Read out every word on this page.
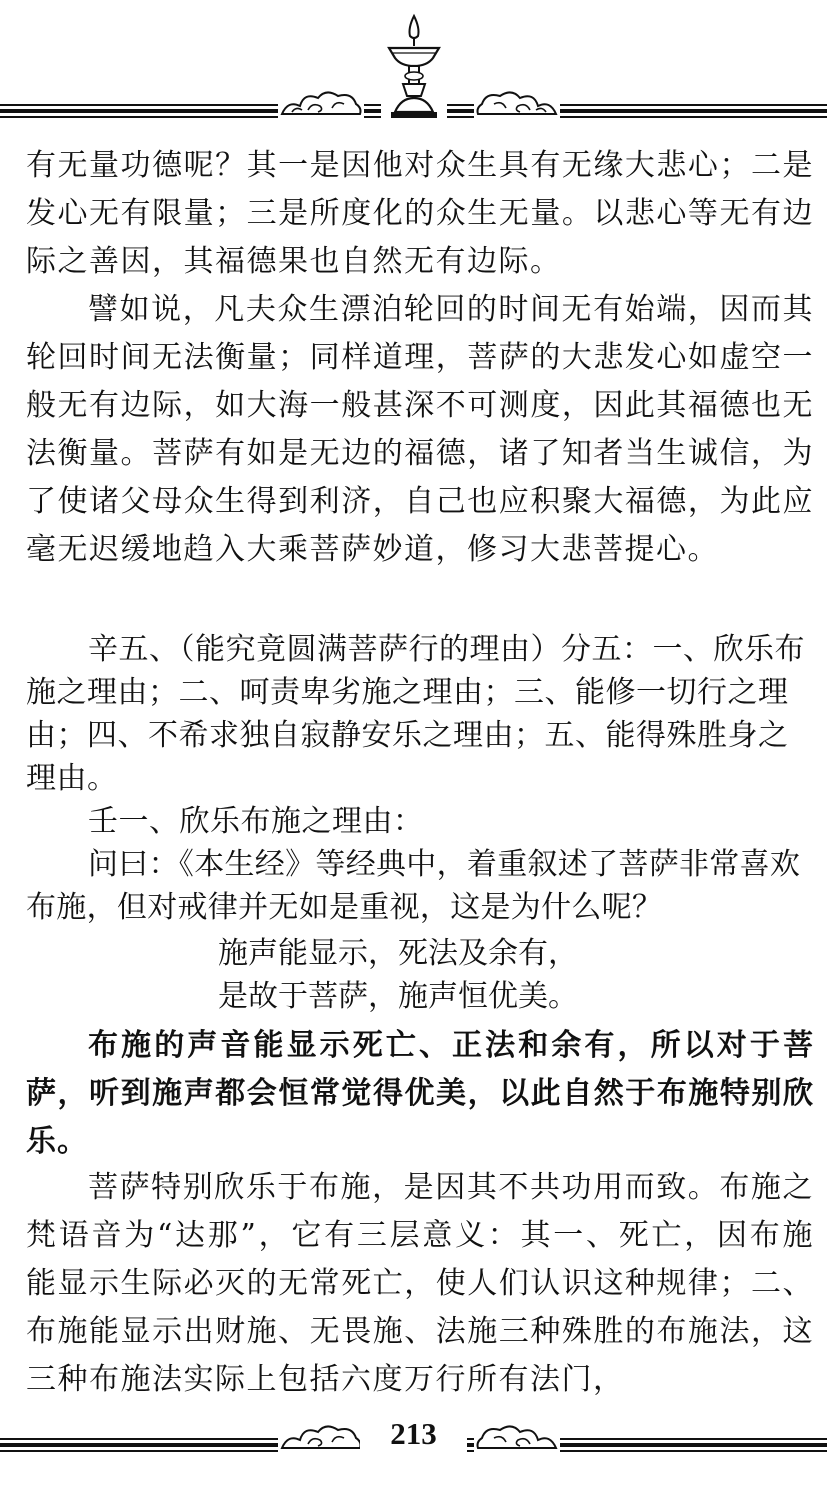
有无量功德呢？其一是因他对众生具有无缘大悲心；二是发心无有限量；三是所度化的众生无量。以悲心等无有边际之善因，其福德果也自然无有边际。

譬如说，凡夫众生漂泊轮回的时间无有始端，因而其轮回时间无法衡量；同样道理，菩萨的大悲发心如虚空一般无有边际，如大海一般甚深不可测度，因此其福德也无法衡量。菩萨有如是无边的福德，诸了知者当生诚信，为了使诸父母众生得到利济，自己也应积聚大福德，为此应毫无迟缓地趋入大乘菩萨妙道，修习大悲菩提心。

辛五、（能究竟圆满菩萨行的理由）分五：一、欣乐布施之理由；二、呵责卑劣施之理由；三、能修一切行之理由；四、不希求独自寂静安乐之理由；五、能得殊胜身之理由。

壬一、欣乐布施之理由：

问曰：《本生经》等经典中，着重叙述了菩萨非常喜欢布施，但对戒律并无如是重视，这是为什么呢？

施声能显示，死法及余有，

是故于菩萨，施声恒优美。

布施的声音能显示死亡、正法和余有，所以对于菩萨，听到施声都会恒常觉得优美，以此自然于布施特别欣乐。

菩萨特别欣乐于布施，是因其不共功用而致。布施之梵语音为“达那”，它有三层意义：其一、死亡，因布施能显示生际必灭的无常死亡，使人们认识这种规律；二、布施能显示出财施、无畏施、法施三种殊胜的布施法，这三种布施法实际上包括六度万行所有法门，

213
